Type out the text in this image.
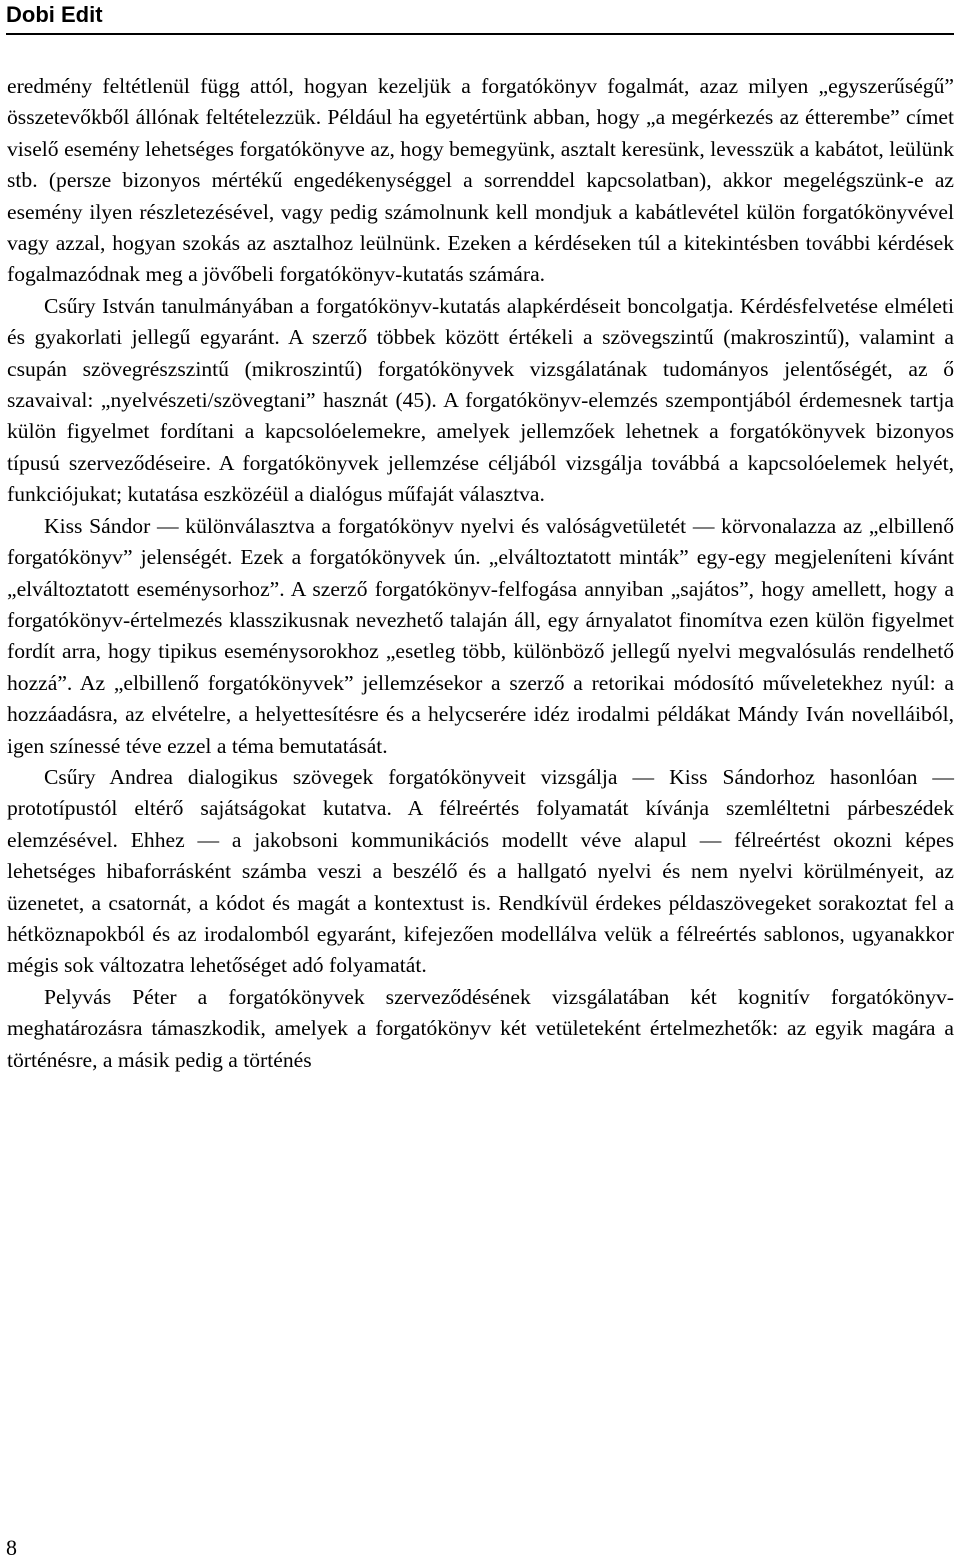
Dobi Edit

eredmény feltétlenül függ attól, hogyan kezeljük a forgatókönyv fogalmát, azaz milyen „egyszerűségű” összetevőkből állónak feltételezzük. Például ha egyetértünk abban, hogy „a megérkezés az étterembe” címet viselő esemény lehetséges forgatókönyve az, hogy bemegyünk, asztalt keresünk, levesszük a kabátot, leülünk stb. (persze bizonyos mértékű engedékenységgel a sorrenddel kapcsolatban), akkor megelégszünk-e az esemény ilyen részletezésével, vagy pedig számolnunk kell mondjuk a kabátlevétel külön forgatókönyvével vagy azzal, hogyan szokás az asztalhoz leülnünk. Ezeken a kérdéseken túl a kitekintésben további kérdések fogalmazódnak meg a jövőbeli forgatókönyv-kutatás számára.

Csűry István tanulmányában a forgatókönyv-kutatás alapkérdéseit boncolgatja. Kérdésfelvetése elméleti és gyakorlati jellegű egyaránt. A szerző többek között értékeli a szövegszintű (makroszintű), valamint a csupán szövegrészszintű (mikroszintű) forgatókönyvek vizsgálatának tudományos jelentőségét, az ő szavaival: „nyelvészeti/szövegtani” hasznát (45). A forgatókönyv-elemzés szempontjából érdemesnek tartja külön figyelmet fordítani a kapcsolóelemekre, amelyek jellemzőek lehetnek a forgatókönyvek bizonyos típusú szerveződéseire. A forgatókönyvek jellemzése céljából vizsgálja továbbá a kapcsolóelemek helyét, funkciójukat; kutatása eszközéül a dialógus műfaját választva.

Kiss Sándor — különválasztva a forgatókönyv nyelvi és valóságvetületét — körvonalazza az „elbillenő forgatókönyv” jelenségét. Ezek a forgatókönyvek ún. „elváltoztatott minták” egy-egy megjeleníteni kívánt „elváltoztatott eseménysorhoz”. A szerző forgatókönyv-felfogása annyiban „sajátos”, hogy amellett, hogy a forgatókönyv-értelmezés klasszikusnak nevezhető talaján áll, egy árnyalatot finomítva ezen külön figyelmet fordít arra, hogy tipikus eseménysorokhoz „esetleg több, különböző jellegű nyelvi megvalósulás rendelhető hozzá”. Az „elbillenő forgatókönyvek” jellemzésekor a szerző a retorikai módosító műveletekhez nyúl: a hozzáadásra, az elvételre, a helyettesítésre és a helycserére idéz irodalmi példákat Mándy Iván novelláiból, igen színessé téve ezzel a téma bemutatását.

Csűry Andrea dialogikus szövegek forgatókönyveit vizsgálja — Kiss Sándorhoz hasonlóan — prototípustól eltérő sajátságokat kutatva. A félreértés folyamatát kívánja szemléltetni párbeszédek elemzésével. Ehhez — a jakobsoni kommunikációs modellt véve alapul — félreértést okozni képes lehetséges hibaforrásként számba veszi a beszélő és a hallgató nyelvi és nem nyelvi körülményeit, az üzenetet, a csatornát, a kódot és magát a kontextust is. Rendkívül érdekes példaszövegeket sorakoztat fel a hétköznapokból és az irodalomból egyaránt, kifejezően modellálva velük a félreértés sablonos, ugyanakkor mégis sok változatra lehetőséget adó folyamatát.

Pelyvás Péter a forgatókönyvek szerveződésének vizsgálatában két kognitív forgatókönyv-meghatározásra támaszkodik, amelyek a forgatókönyv két vetületeként értelmezhetők: az egyik magára a történésre, a másik pedig a történés

8
